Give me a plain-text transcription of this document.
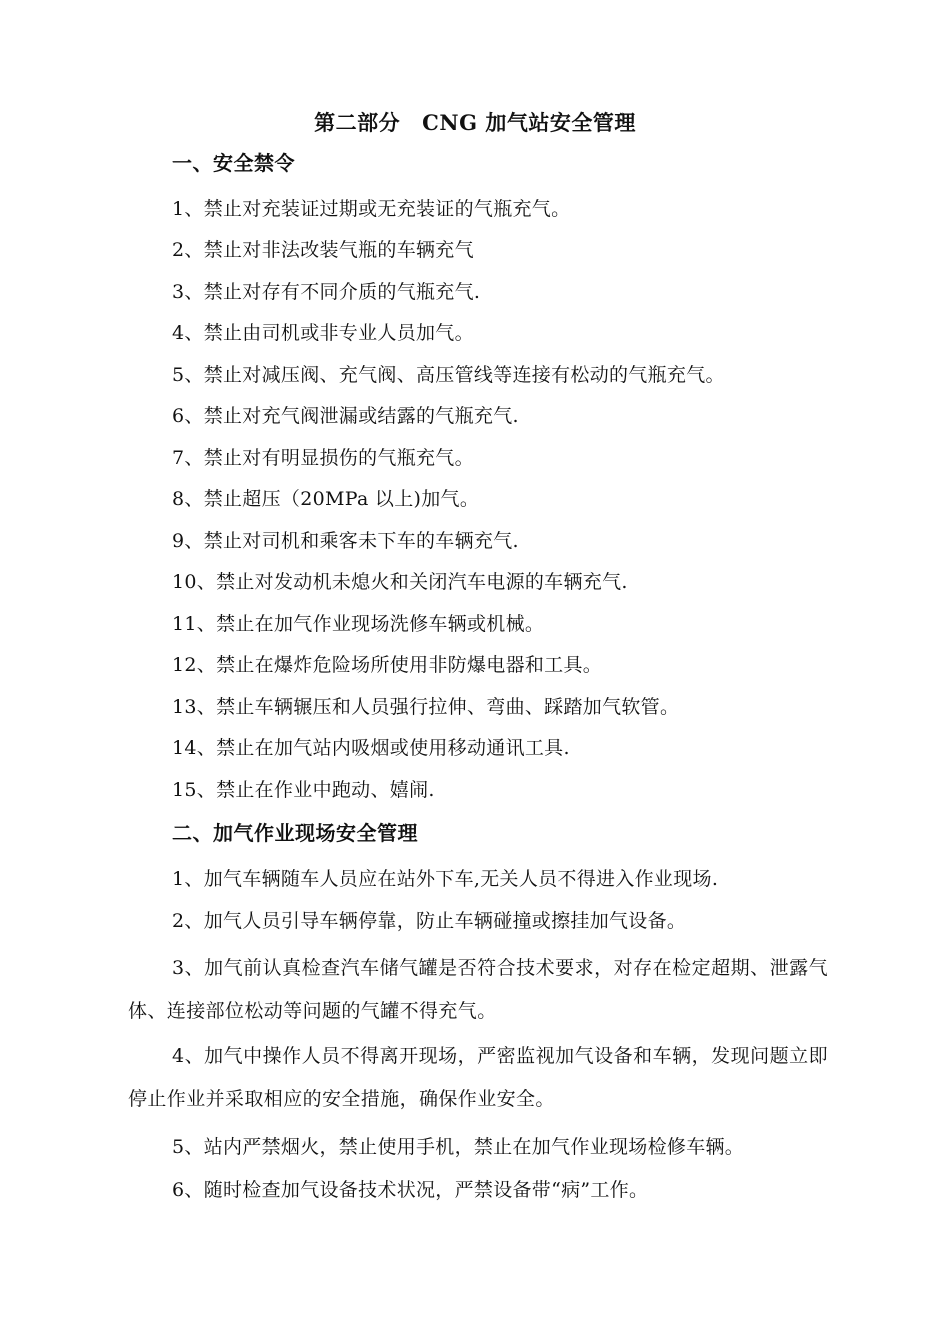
第二部分 CNG 加气站安全管理
一、安全禁令
1、禁止对充装证过期或无充装证的气瓶充气。
2、禁止对非法改装气瓶的车辆充气
3、禁止对存有不同介质的气瓶充气.
4、禁止由司机或非专业人员加气。
5、禁止对减压阀、充气阀、高压管线等连接有松动的气瓶充气。
6、禁止对充气阀泄漏或结露的气瓶充气.
7、禁止对有明显损伤的气瓶充气。
8、禁止超压（20MPa 以上)加气。
9、禁止对司机和乘客未下车的车辆充气.
10、禁止对发动机未熄火和关闭汽车电源的车辆充气.
11、禁止在加气作业现场洗修车辆或机械。
12、禁止在爆炸危险场所使用非防爆电器和工具。
13、禁止车辆辗压和人员强行拉伸、弯曲、踩踏加气软管。
14、禁止在加气站内吸烟或使用移动通讯工具.
15、禁止在作业中跑动、嬉闹.
二、加气作业现场安全管理
1、加气车辆随车人员应在站外下车,无关人员不得进入作业现场.
2、加气人员引导车辆停靠，防止车辆碰撞或擦挂加气设备。
3、加气前认真检查汽车储气罐是否符合技术要求，对存在检定超期、泄露气体、连接部位松动等问题的气罐不得充气。
4、加气中操作人员不得离开现场，严密监视加气设备和车辆，发现问题立即停止作业并采取相应的安全措施，确保作业安全。
5、站内严禁烟火，禁止使用手机，禁止在加气作业现场检修车辆。
6、随时检查加气设备技术状况，严禁设备带“病”工作。
